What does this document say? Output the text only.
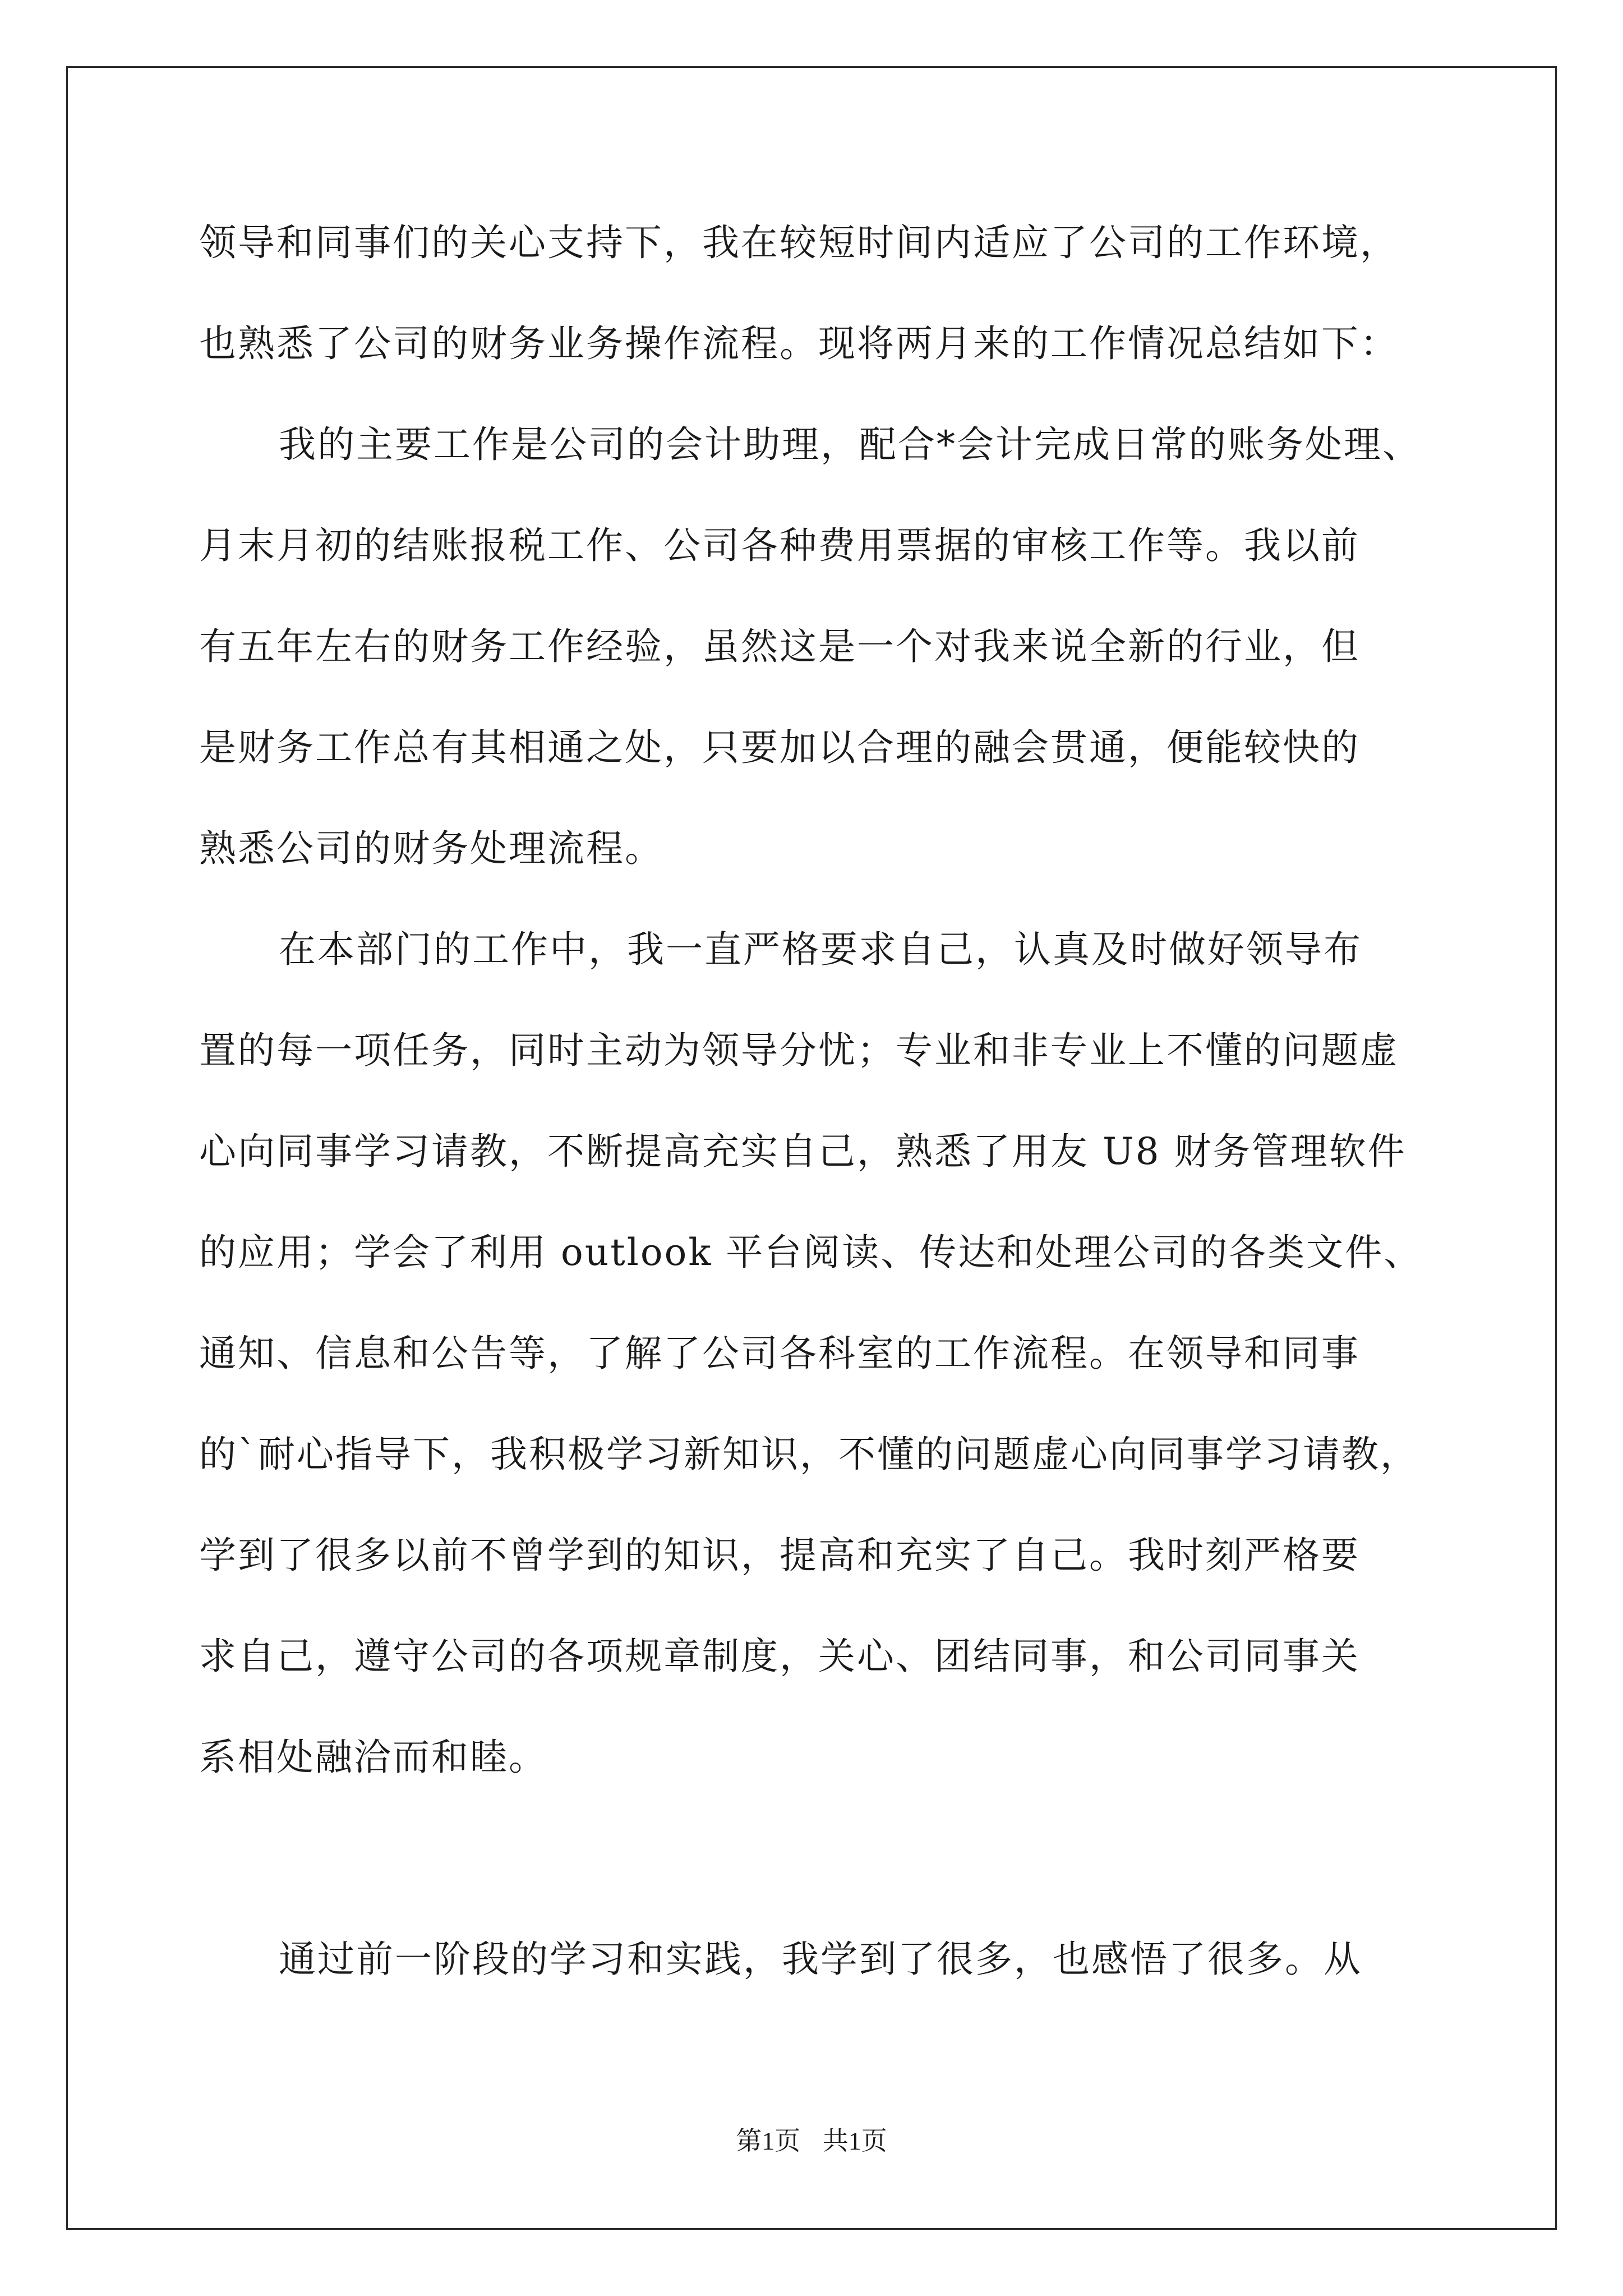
领导和同事们的关心支持下，我在较短时间内适应了公司的工作环境，
也熟悉了公司的财务业务操作流程。现将两月来的工作情况总结如下：
我的主要工作是公司的会计助理，配合*会计完成日常的账务处理、
月末月初的结账报税工作、公司各种费用票据的审核工作等。我以前
有五年左右的财务工作经验，虽然这是一个对我来说全新的行业，但
是财务工作总有其相通之处，只要加以合理的融会贯通，便能较快的
熟悉公司的财务处理流程。
在本部门的工作中，我一直严格要求自己，认真及时做好领导布
置的每一项任务，同时主动为领导分忧；专业和非专业上不懂的问题虚
心向同事学习请教，不断提高充实自己，熟悉了用友 U8 财务管理软件
的应用；学会了利用 outlook 平台阅读、传达和处理公司的各类文件、
通知、信息和公告等，了解了公司各科室的工作流程。在领导和同事
的`耐心指导下，我积极学习新知识，不懂的问题虚心向同事学习请教，
学到了很多以前不曾学到的知识，提高和充实了自己。我时刻严格要
求自己，遵守公司的各项规章制度，关心、团结同事，和公司同事关
系相处融洽而和睦。
通过前一阶段的学习和实践，我学到了很多，也感悟了很多。从
第1页 共1页
